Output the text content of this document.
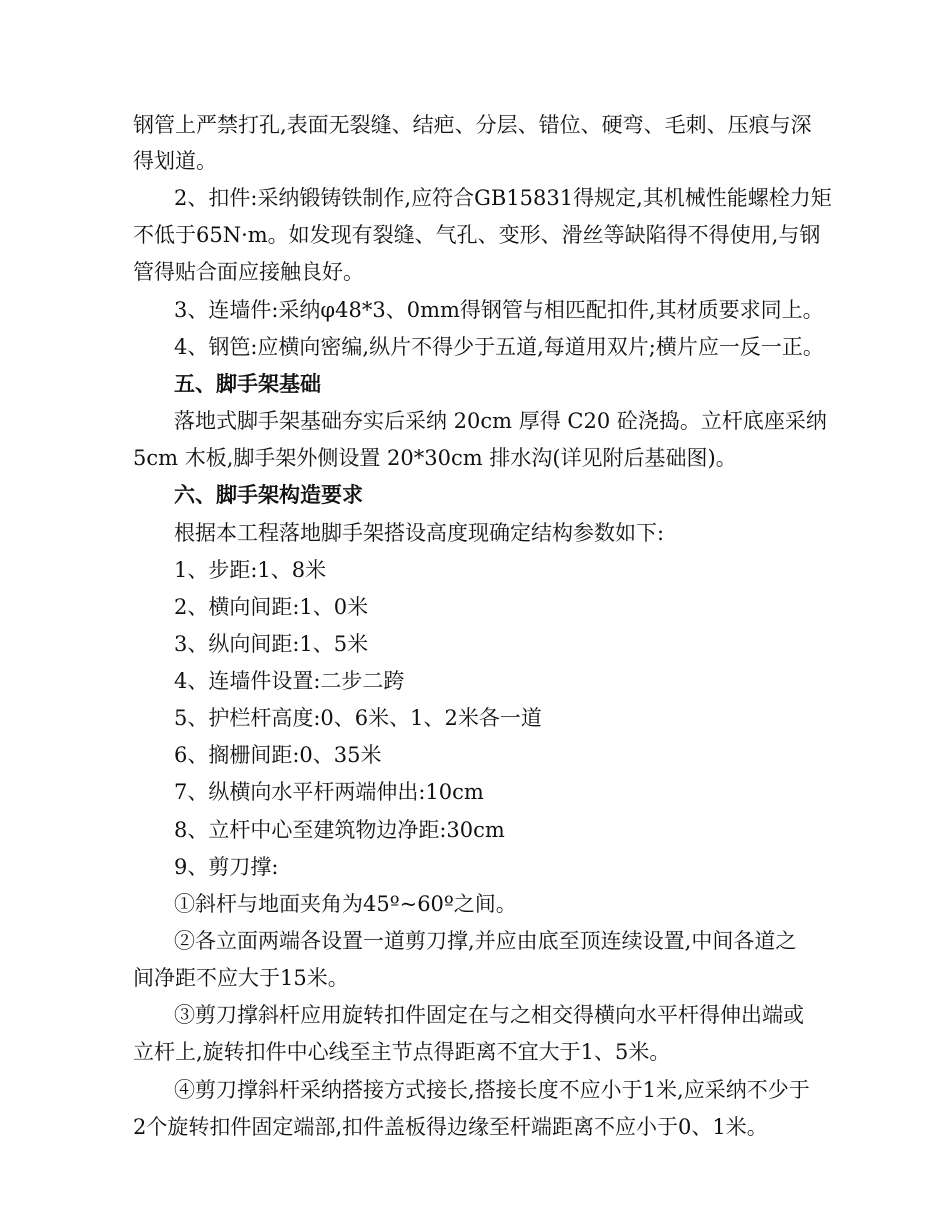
钢管上严禁打孔,表面无裂缝、结疤、分层、错位、硬弯、毛刺、压痕与深
得划道。
2、扣件:采纳锻铸铁制作,应符合GB15831得规定,其机械性能螺栓力矩
不低于65N·m。如发现有裂缝、气孔、变形、滑丝等缺陷得不得使用,与钢
管得贴合面应接触良好。
3、连墙件:采纳φ48*3、0mm得钢管与相匹配扣件,其材质要求同上。
4、钢笆:应横向密编,纵片不得少于五道,每道用双片;横片应一反一正。
五、脚手架基础
落地式脚手架基础夯实后采纳 20cm 厚得 C20 砼浇捣。立杆底座采纳
5cm 木板,脚手架外侧设置 20*30cm 排水沟(详见附后基础图)。
六、脚手架构造要求
根据本工程落地脚手架搭设高度现确定结构参数如下:
1、步距:1、8米
2、横向间距:1、0米
3、纵向间距:1、5米
4、连墙件设置:二步二跨
5、护栏杆高度:0、6米、1、2米各一道
6、搁栅间距:0、35米
7、纵横向水平杆两端伸出:10cm
8、立杆中心至建筑物边净距:30cm
9、剪刀撑:
①斜杆与地面夹角为45º~60º之间。
②各立面两端各设置一道剪刀撑,并应由底至顶连续设置,中间各道之
间净距不应大于15米。
③剪刀撑斜杆应用旋转扣件固定在与之相交得横向水平杆得伸出端或
立杆上,旋转扣件中心线至主节点得距离不宜大于1、5米。
④剪刀撑斜杆采纳搭接方式接长,搭接长度不应小于1米,应采纳不少于
2个旋转扣件固定端部,扣件盖板得边缘至杆端距离不应小于0、1米。
